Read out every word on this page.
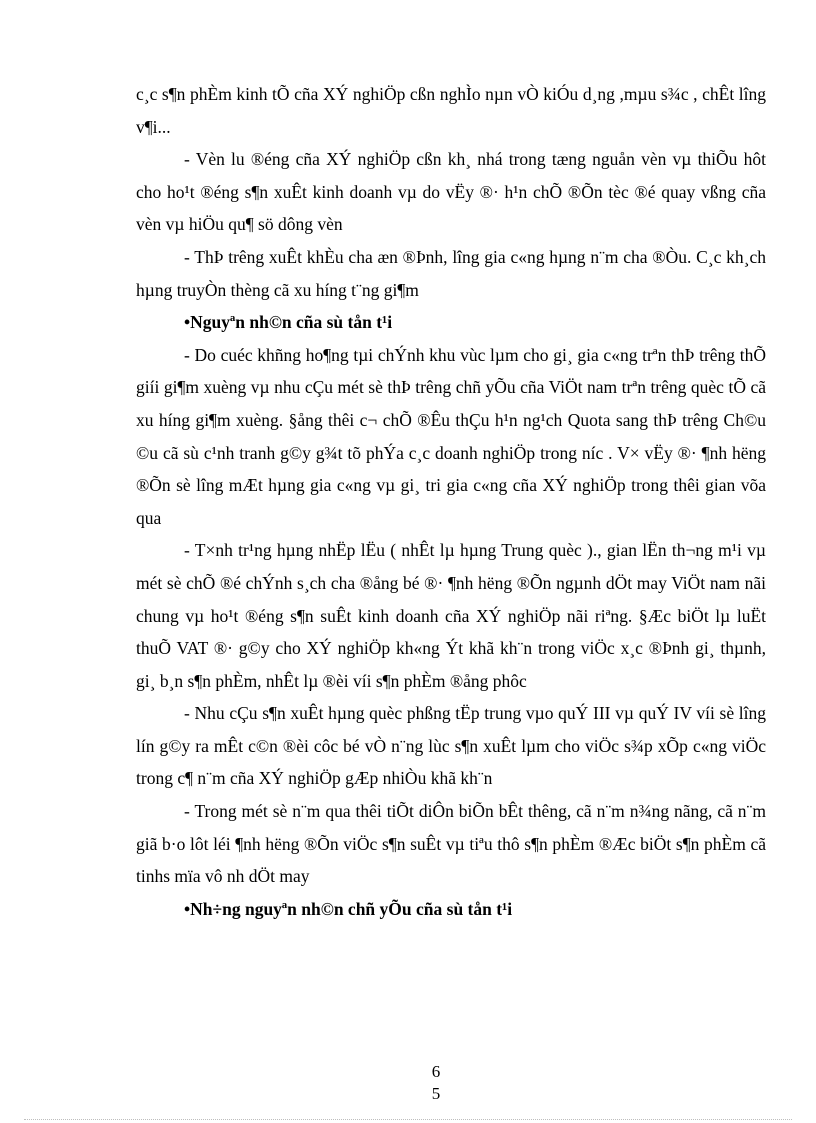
c¸c s¶n phÈm kinh tÕ cña XÝ nghiÖp cßn nghÌo nµn vÒ kiÓu d¸ng ,mµu s¾c , chÊt lîng v¶i...

- Vèn lu ®éng cña XÝ nghiÖp cßn kh¸ nhá trong tæng nguån vèn vµ thiÕu hôt cho ho¹t ®éng s¶n xuÊt kinh doanh vµ do vËy ®· h¹n chÕ ®Õn tèc ®é quay vßng cña vèn vµ hiÖu qu¶ sö dông vèn

- ThÞ trêng xuÊt khÈu cha æn ®Þnh, lîng gia c«ng hµng n¨m cha ®Òu. C¸c kh¸ch hµng truyÒn thèng cã xu híng t¨ng gi¶m

•Nguyªn nh©n cña sù tån t¹i

- Do cuéc khñng ho¶ng tµi chÝnh khu vùc lµm cho gi¸ gia c«ng trªn thÞ trêng thÕ giíi gi¶m xuèng vµ nhu cÇu mét sè thÞ trêng chñ yÕu cña ViÖt nam trªn trêng quèc tÕ cã xu híng gi¶m xuèng. §ång thêi c¬ chÕ ®Êu thÇu h¹n ng¹ch Quota sang thÞ trêng Ch©u ©u cã sù c¹nh tranh g©y g¾t tõ phÝa c¸c doanh nghiÖp trong níc . V× vËy ®· ¶nh hëng ®Õn sè lîng mÆt hµng gia c«ng vµ gi¸ tri gia c«ng cña XÝ nghiÖp trong thêi gian võa qua

- T×nh tr¹ng hµng nhËp lËu ( nhÊt lµ hµng Trung quèc )., gian lËn th¬ng m¹i vµ mét sè chÕ ®é chÝnh s¸ch cha ®ång bé ®· ¶nh hëng ®Õn ngµnh dÖt may ViÖt nam nãi chung vµ ho¹t ®éng s¶n suÊt kinh doanh cña XÝ nghiÖp nãi riªng. §Æc biÖt lµ luËt thuÕ VAT ®· g©y cho XÝ nghiÖp kh«ng Ýt khã kh¨n trong viÖc x¸c ®Þnh gi¸ thµnh, gi¸ b¸n s¶n phÈm, nhÊt lµ ®èi víi s¶n phÈm ®ång phôc

- Nhu cÇu s¶n xuÊt hµng quèc phßng tËp trung vµo quÝ III vµ quÝ IV víi sè lîng lín g©y ra mÊt c©n ®èi côc bé vÒ n¨ng lùc s¶n xuÊt lµm cho viÖc s¾p xÕp c«ng viÖc trong c¶ n¨m cña XÝ nghiÖp gÆp nhiÒu khã kh¨n

- Trong mét sè n¨m qua thêi tiÕt diÔn biÕn bÊt thêng, cã n¨m n¾ng nãng, cã n¨m giã b·o lôt léi ¶nh hëng ®Õn viÖc s¶n suÊt vµ tiªu thô s¶n phÈm ®Æc biÖt s¶n phÈm cã tinhs mïa vô nh dÖt may

•Nh÷ng nguyªn nh©n chñ yÕu cña sù tån t¹i

6
5
